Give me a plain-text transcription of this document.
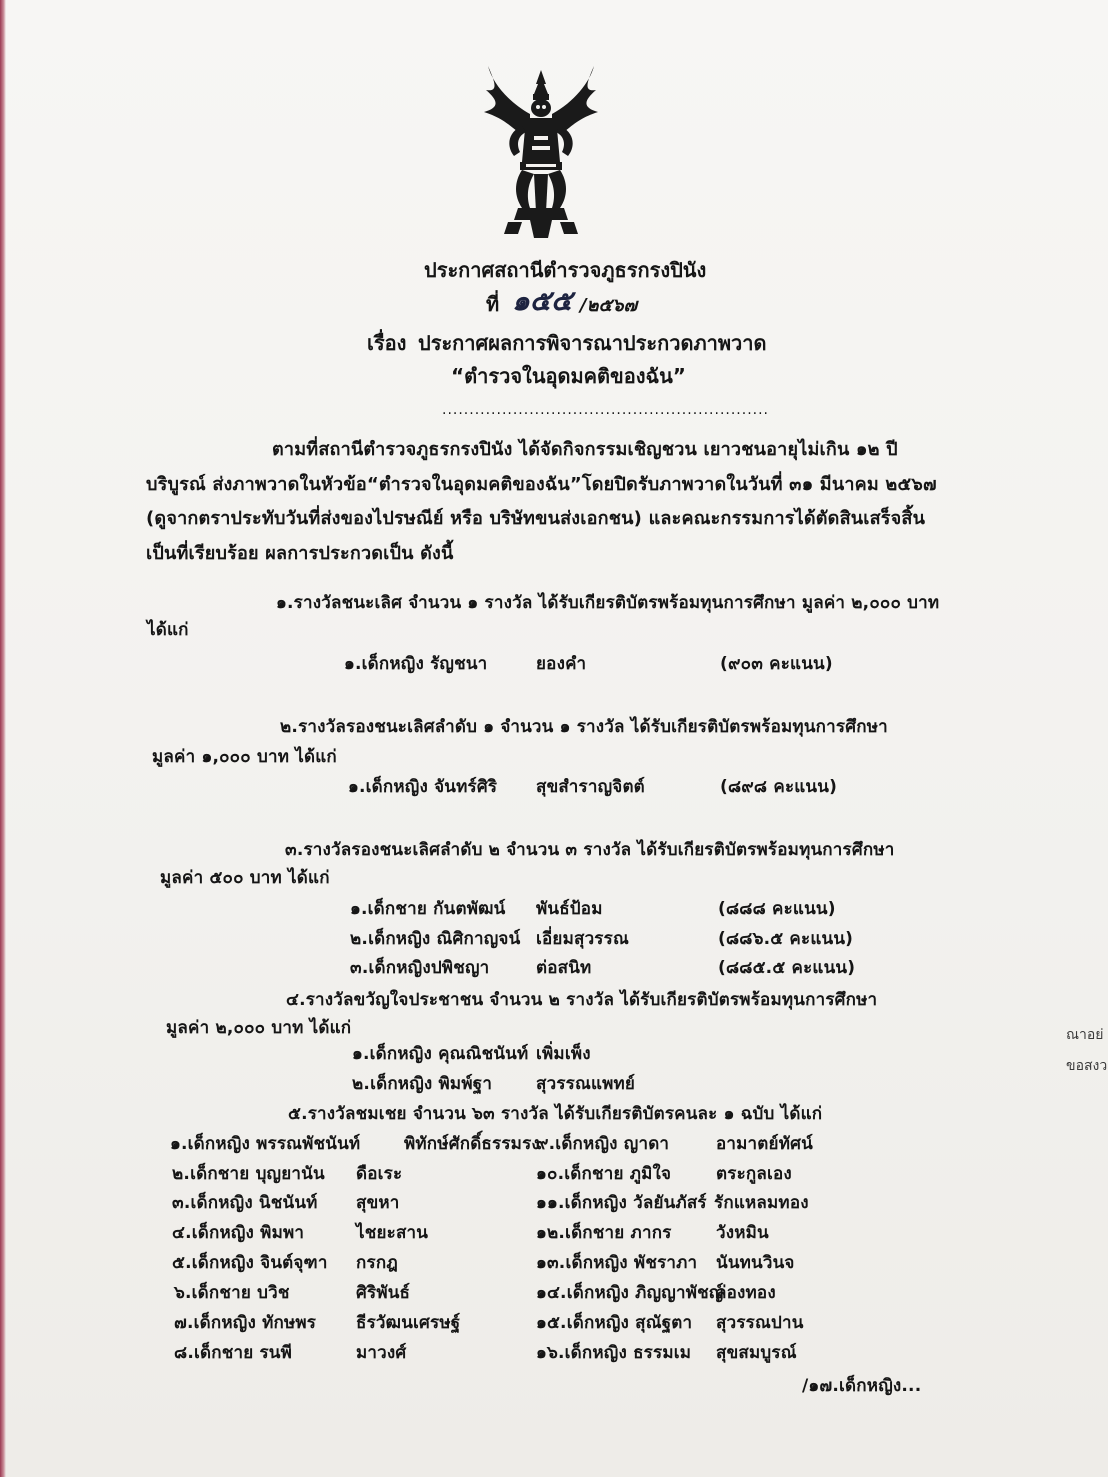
ประกาศสถานีตำรวจภูธรกรงปินัง
ที่ ๑๕๕ /๒๕๖๗
เรื่อง ประกาศผลการพิจารณาประกวดภาพวาด
“ตำรวจในอุดมคติของฉัน”
............................................................
ตามที่สถานีตำรวจภูธรกรงปินัง ได้จัดกิจกรรมเชิญชวน เยาวชนอายุไม่เกิน ๑๒ ปี
บริบูรณ์ ส่งภาพวาดในหัวข้อ“ตำรวจในอุดมคติของฉัน”โดยปิดรับภาพวาดในวันที่ ๓๑ มีนาคม ๒๕๖๗
(ดูจากตราประทับวันที่ส่งของไปรษณีย์ หรือ บริษัทขนส่งเอกชน) และคณะกรรมการได้ตัดสินเสร็จสิ้น
เป็นที่เรียบร้อย ผลการประกวดเป็น ดังนี้
๑.รางวัลชนะเลิศ จำนวน ๑ รางวัล ได้รับเกียรติบัตรพร้อมทุนการศึกษา มูลค่า ๒,๐๐๐ บาท
ได้แก่
๑.เด็กหญิง รัญชนา	ยองคำ	(๙๐๓ คะแนน)
๒.รางวัลรองชนะเลิศลำดับ ๑ จำนวน ๑ รางวัล ได้รับเกียรติบัตรพร้อมทุนการศึกษา
มูลค่า ๑,๐๐๐ บาท ได้แก่
๑.เด็กหญิง จันทร์ศิริ สุขสำราญจิตต์	(๘๙๘ คะแนน)
๓.รางวัลรองชนะเลิศลำดับ ๒ จำนวน ๓ รางวัล ได้รับเกียรติบัตรพร้อมทุนการศึกษา
มูลค่า ๕๐๐ บาท ได้แก่
๑.เด็กชาย กันตพัฒน์ พันธ์ป้อม	(๘๘๘ คะแนน)
๒.เด็กหญิง ณิศิกาญจน์ เอี่ยมสุวรรณ	(๘๘๖.๕ คะแนน)
๓.เด็กหญิงปพิชญา	ต่อสนิท	(๘๘๕.๕ คะแนน)
๔.รางวัลขวัญใจประชาชน จำนวน ๒ รางวัล ได้รับเกียรติบัตรพร้อมทุนการศึกษา
มูลค่า ๒,๐๐๐ บาท ได้แก่
๑.เด็กหญิง คุณณิชนันท์ เพิ่มเพ็ง
๒.เด็กหญิง พิมพ์ฐา	สุวรรณแพทย์
๕.รางวัลชมเชย จำนวน ๖๓ รางวัล ได้รับเกียรติบัตรคนละ ๑ ฉบับ ได้แก่
๑.เด็กหญิง พรรณพัชนันท์	พิทักษ์ศักดิ์ธรรมรง
๒.เด็กชาย บุญยานัน ดือเระ
๓.เด็กหญิง นิชนันท์ สุขหา
๔.เด็กหญิง พิมพา	ไชยะสาน
๕.เด็กหญิง จินต์จุฑา กรกฎ
๖.เด็กชาย บวิช	ศิริพันธ์
๗.เด็กหญิง ทักษพร ธีรวัฒนเศรษฐ์
๘.เด็กชาย รนพี	มาวงศ์
๙.เด็กหญิง ญาดา	อามาตย์ทัศน์
๑๐.เด็กชาย ภูมิใจ	ตระกูลเอง
๑๑.เด็กหญิง วัลยันภัสร์ รักแหลมทอง
๑๒.เด็กชาย ภากร	วังหมิน
๑๓.เด็กหญิง พัชราภา นันทนวินจ
๑๔.เด็กหญิง ภิญญาพัชญ์
ล่องทอง
๑๕.เด็กหญิง สุณัฐตา สุวรรณปาน
๑๖.เด็กหญิง ธรรมเม สุขสมบูรณ์
/๑๗.เด็กหญิง...
ณาอย่
ขอสงว
